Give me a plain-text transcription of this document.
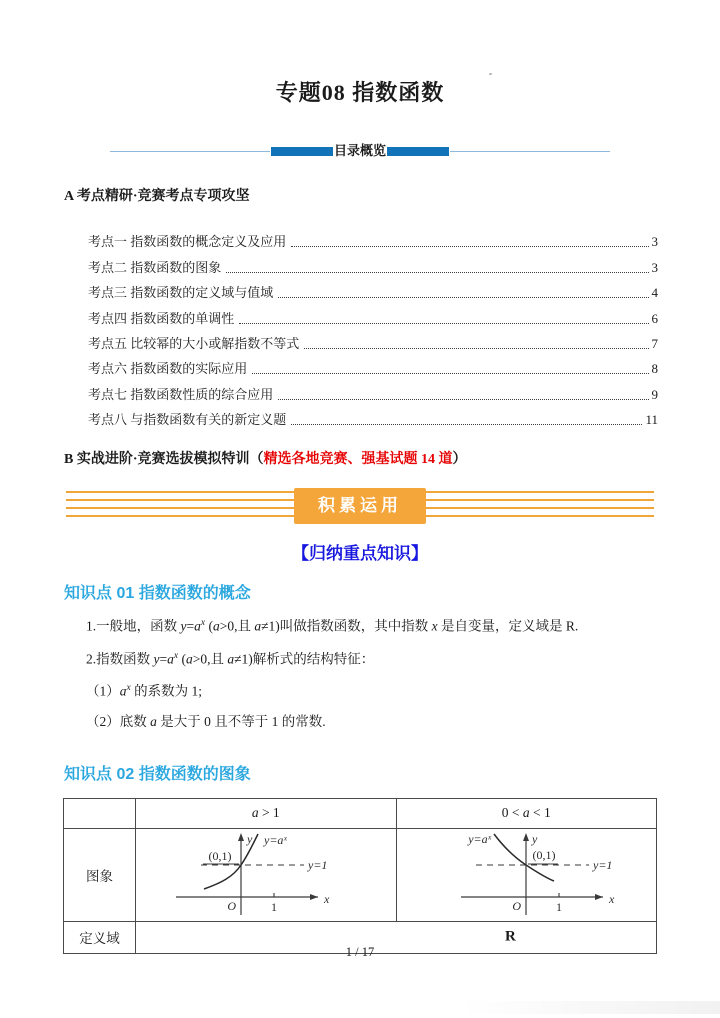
专题08 指数函数
目录概览
A 考点精研·竞赛考点专项攻坚
考点一 指数函数的概念定义及应用	3
考点二 指数函数的图象	3
考点三 指数函数的定义域与值域	4
考点四 指数函数的单调性	6
考点五 比较幂的大小或解指数不等式	7
考点六 指数函数的实际应用	8
考点七 指数函数性质的综合应用	9
考点八 与指数函数有关的新定义题	11
B 实战进阶·竞赛选拔模拟特训（精选各地竞赛、强基试题 14 道）
积累运用
【归纳重点知识】
知识点 01 指数函数的概念
1.一般地，函数 $y=a^x$ (a>0,且 a≠1)叫做指数函数，其中指数 x 是自变量，定义域是 R.
2.指数函数 $y=a^x$ (a>0,且 a≠1)解析式的结构特征：
$(1)a^x$ 的系数为 1;
（2）底数 a 是大于 0 且不等于 1 的常数.
知识点 02 指数函数的图象
	a > 1	0 < a < 1
图象	
y
x
O	1
y=aˣ
(0,1)
y=1

y
x
O	1
y=aˣ
(0,1)
y=1

定义域	R	
1 / 17
